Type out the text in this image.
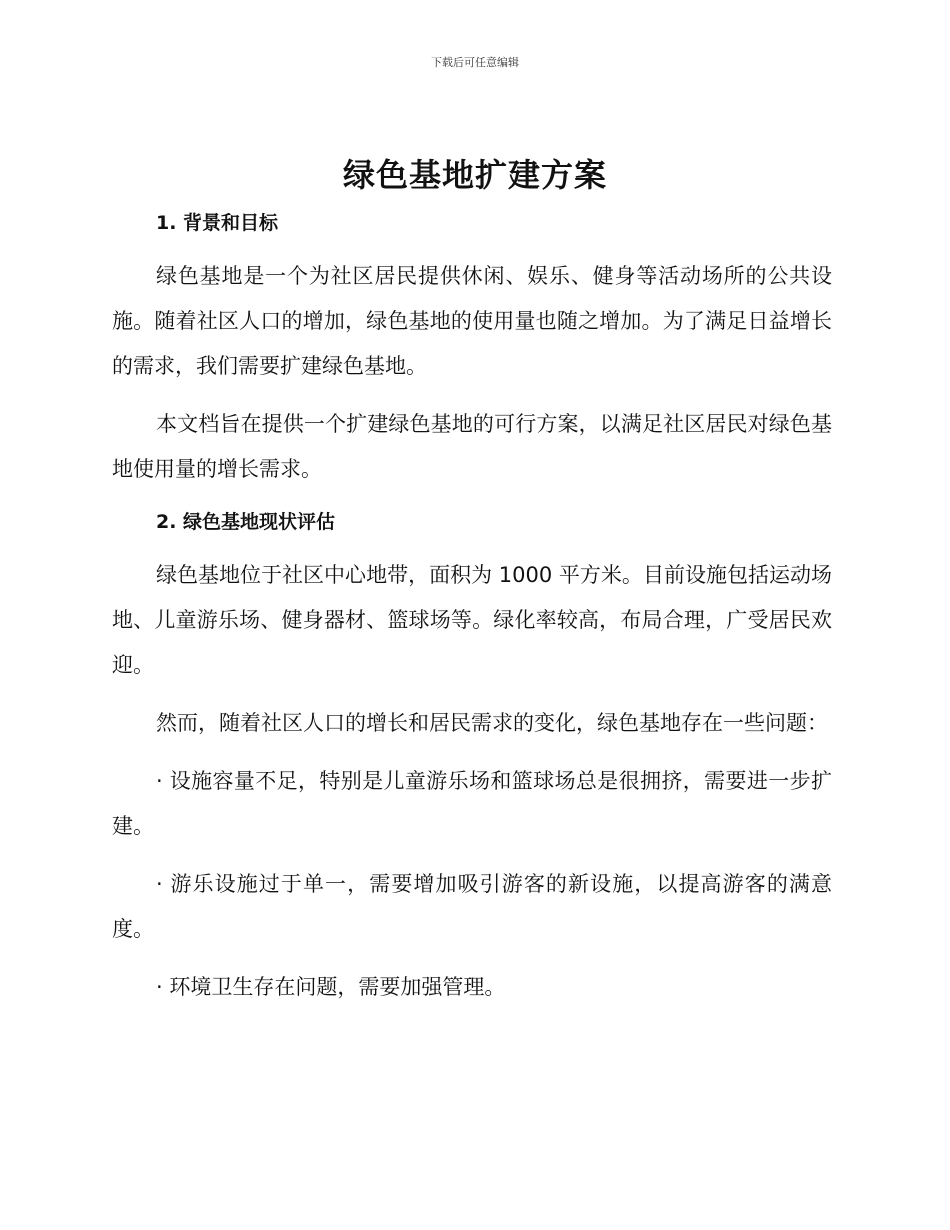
下载后可任意编辑
绿色基地扩建方案
1. 背景和目标

绿色基地是一个为社区居民提供休闲、娱乐、健身等活动场所的公共设施。随着社区人口的增加，绿色基地的使用量也随之增加。为了满足日益增长的需求，我们需要扩建绿色基地。

本文档旨在提供一个扩建绿色基地的可行方案，以满足社区居民对绿色基地使用量的增长需求。

2. 绿色基地现状评估

绿色基地位于社区中心地带，面积为 1000 平方米。目前设施包括运动场地、儿童游乐场、健身器材、篮球场等。绿化率较高，布局合理，广受居民欢迎。

然而，随着社区人口的增长和居民需求的变化，绿色基地存在一些问题：

· 设施容量不足，特别是儿童游乐场和篮球场总是很拥挤，需要进一步扩建。

· 游乐设施过于单一，需要增加吸引游客的新设施，以提高游客的满意度。

· 环境卫生存在问题，需要加强管理。
